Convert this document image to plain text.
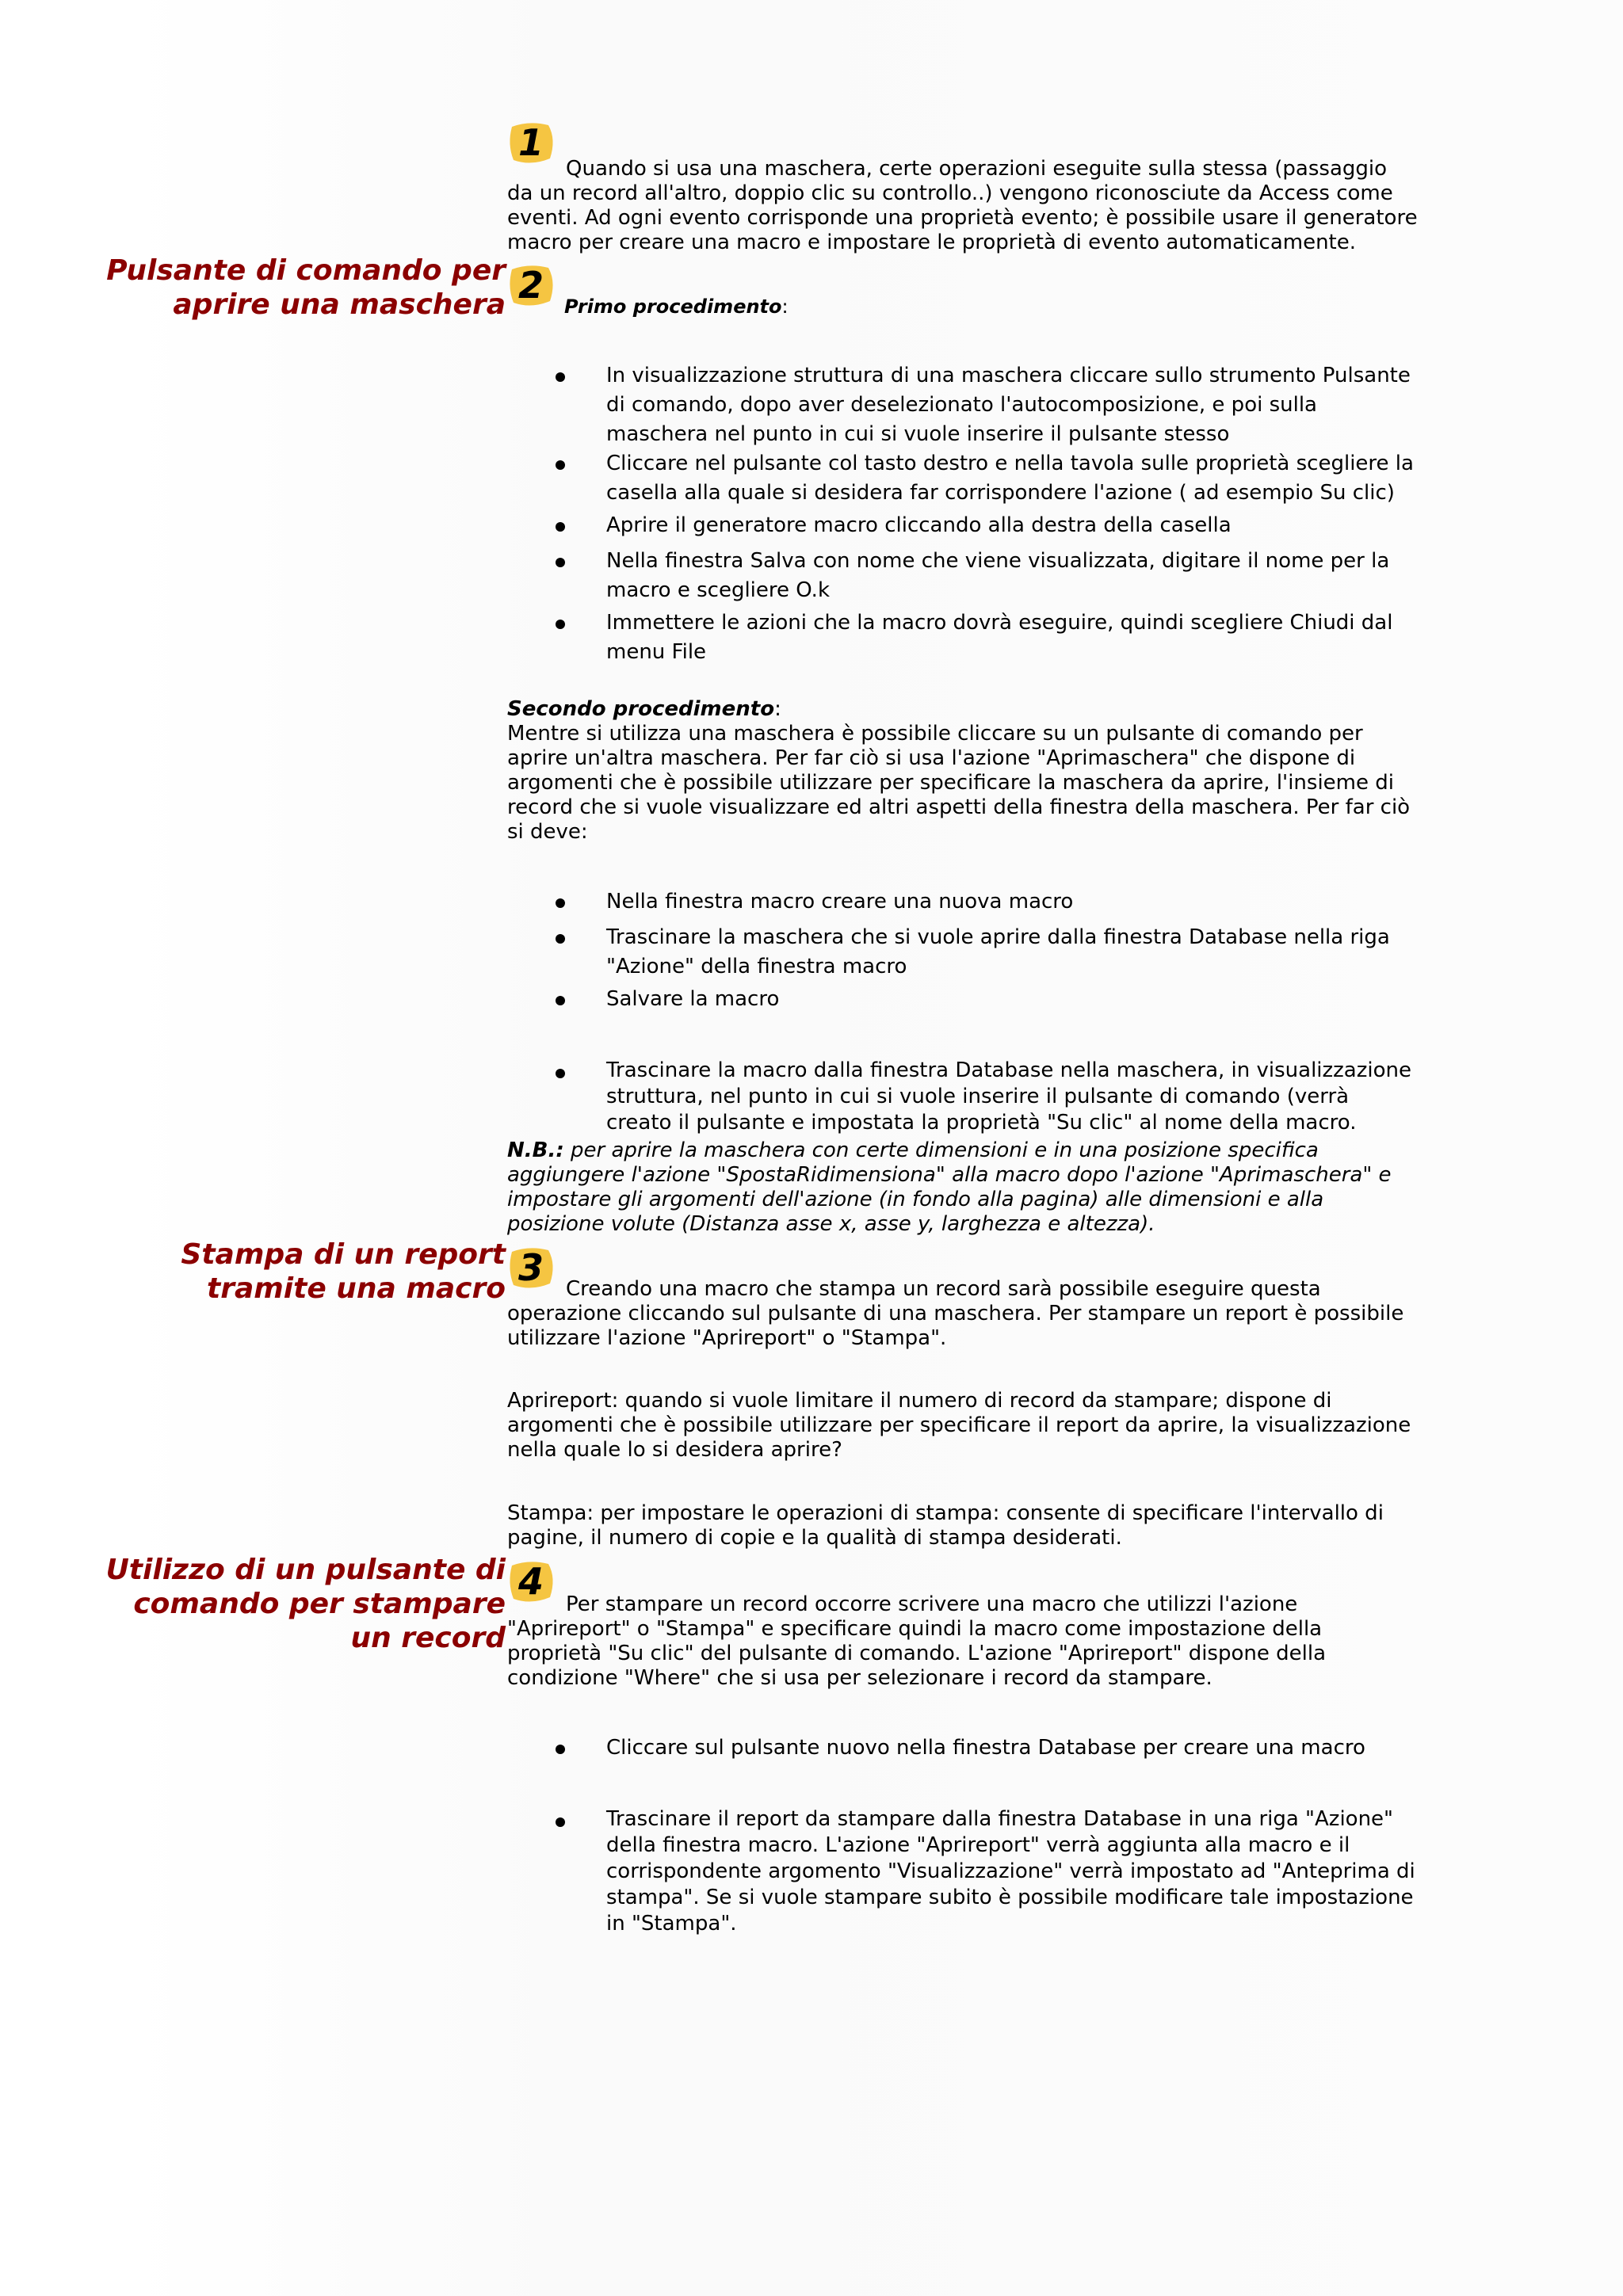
1
Quando si usa una maschera, certe operazioni eseguite sulla stessa (passaggio da un record all'altro, doppio clic su controllo..) vengono riconosciute da Access come eventi. Ad ogni evento corrisponde una proprietà evento; è possibile usare il generatore macro per creare una macro e impostare le proprietà di evento automaticamente.
Pulsante di comando per
aprire una maschera 2 Primo procedimento:
In visualizzazione struttura di una maschera cliccare sullo strumento Pulsante di comando, dopo aver deselezionato l'autocomposizione, e poi sulla maschera nel punto in cui si vuole inserire il pulsante stesso
Cliccare nel pulsante col tasto destro e nella tavola sulle proprietà scegliere la casella alla quale si desidera far corrispondere l'azione ( ad esempio Su clic)
Aprire il generatore macro cliccando alla destra della casella
Nella finestra Salva con nome che viene visualizzata, digitare il nome per la macro e scegliere O.k
Immettere le azioni che la macro dovrà eseguire, quindi scegliere Chiudi dal menu File
Secondo procedimento:
Mentre si utilizza una maschera è possibile cliccare su un pulsante di comando per aprire un'altra maschera. Per far ciò si usa l'azione "Aprimaschera" che dispone di argomenti che è possibile utilizzare per specificare la maschera da aprire, l'insieme di record che si vuole visualizzare ed altri aspetti della finestra della maschera. Per far ciò si deve:
Nella finestra macro creare una nuova macro
Trascinare la maschera che si vuole aprire dalla finestra Database nella riga "Azione" della finestra macro
Salvare la macro
Trascinare la macro dalla finestra Database nella maschera, in visualizzazione struttura, nel punto in cui si vuole inserire il pulsante di comando (verrà creato il pulsante e impostata la proprietà "Su clic" al nome della macro.
N.B.: per aprire la maschera con certe dimensioni e in una posizione specifica aggiungere l'azione "SpostaRidimensiona" alla macro dopo l'azione "Aprimaschera" e impostare gli argomenti dell'azione (in fondo alla pagina) alle dimensioni e alla posizione volute (Distanza asse x, asse y, larghezza e altezza).
Stampa di un report
tramite una macro 3	Creando una macro che stampa un record sarà possibile eseguire questa operazione cliccando sul pulsante di una maschera. Per stampare un report è possibile utilizzare l'azione "Aprireport" o "Stampa".
Aprireport: quando si vuole limitare il numero di record da stampare; dispone di argomenti che è possibile utilizzare per specificare il report da aprire, la visualizzazione nella quale lo si desidera aprire?
Stampa: per impostare le operazioni di stampa: consente di specificare l'intervallo di pagine, il numero di copie e la qualità di stampa desiderati.
Utilizzo di un pulsante di
comando per stampare
un record
4
Per stampare un record occorre scrivere una macro che utilizzi l'azione "Aprireport" o "Stampa" e specificare quindi la macro come impostazione della proprietà "Su clic" del pulsante di comando. L'azione "Aprireport" dispone della condizione "Where" che si usa per selezionare i record da stampare.
Cliccare sul pulsante nuovo nella finestra Database per creare una macro
Trascinare il report da stampare dalla finestra Database in una riga "Azione" della finestra macro. L'azione "Aprireport" verrà aggiunta alla macro e il corrispondente argomento "Visualizzazione" verrà impostato ad "Anteprima di stampa". Se si vuole stampare subito è possibile modificare tale impostazione in "Stampa".
